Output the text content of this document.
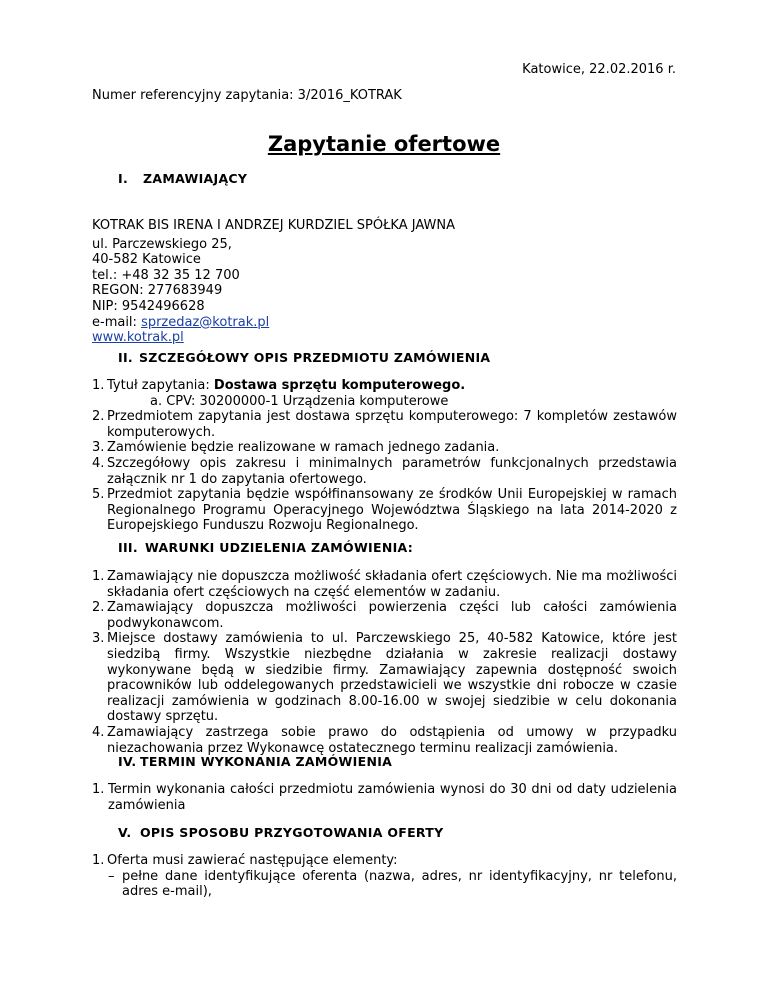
Katowice, 22.02.2016 r.
Numer referencyjny zapytania: 3/2016_KOTRAK
Zapytanie ofertowe
I. ZAMAWIAJĄCY
KOTRAK BIS IRENA I ANDRZEJ KURDZIEL SPÓŁKA JAWNA
ul. Parczewskiego 25,
40-582 Katowice
tel.: +48 32 35 12 700
REGON: 277683949
NIP: 9542496628
e-mail: sprzedaz@kotrak.pl
www.kotrak.pl
II. SZCZEGÓŁOWY OPIS PRZEDMIOTU ZAMÓWIENIA
1. Tytuł zapytania: Dostawa sprzętu komputerowego.
a. CPV: 30200000-1 Urządzenia komputerowe
2. Przedmiotem zapytania jest dostawa sprzętu komputerowego: 7 kompletów zestawów komputerowych.
3. Zamówienie będzie realizowane w ramach jednego zadania.
4. Szczegółowy opis zakresu i minimalnych parametrów funkcjonalnych przedstawia załącznik nr 1 do zapytania ofertowego.
5. Przedmiot zapytania będzie współfinansowany ze środków Unii Europejskiej w ramach Regionalnego Programu Operacyjnego Województwa Śląskiego na lata 2014-2020 z Europejskiego Funduszu Rozwoju Regionalnego.
III. WARUNKI UDZIELENIA ZAMÓWIENIA:
1. Zamawiający nie dopuszcza możliwość składania ofert częściowych. Nie ma możliwości składania ofert częściowych na część elementów w zadaniu.
2. Zamawiający dopuszcza możliwości powierzenia części lub całości zamówienia podwykonawcom.
3. Miejsce dostawy zamówienia to ul. Parczewskiego 25, 40-582 Katowice, które jest siedzibą firmy. Wszystkie niezbędne działania w zakresie realizacji dostawy wykonywane będą w siedzibie firmy. Zamawiający zapewnia dostępność swoich pracowników lub oddelegowanych przedstawicieli we wszystkie dni robocze w czasie realizacji zamówienia w godzinach 8.00-16.00 w swojej siedzibie w celu dokonania dostawy sprzętu.
4. Zamawiający zastrzega sobie prawo do odstąpienia od umowy w przypadku niezachowania przez Wykonawcę ostatecznego terminu realizacji zamówienia.
IV. TERMIN WYKONANIA ZAMÓWIENIA
1. Termin wykonania całości przedmiotu zamówienia wynosi do 30 dni od daty udzielenia zamówienia
V. OPIS SPOSOBU PRZYGOTOWANIA OFERTY
1. Oferta musi zawierać następujące elementy:
– pełne dane identyfikujące oferenta (nazwa, adres, nr identyfikacyjny, nr telefonu, adres e-mail),
